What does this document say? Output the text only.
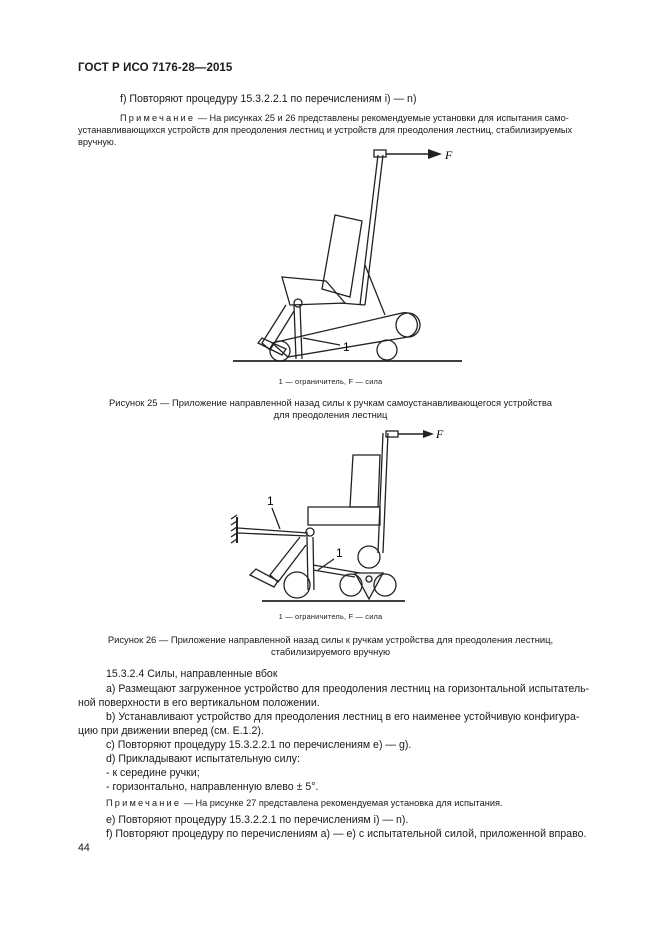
ГОСТ Р ИСО 7176-28—2015
f) Повторяют процедуру 15.3.2.2.1 по перечислениям i) — n)
Примечание — На рисунках 25 и 26 представлены рекомендуемые установки для испытания само-
устанавливающихся устройств для преодоления лестниц и устройств для преодоления лестниц, стабилизируемых
вручную.
F
1
1 — ограничитель, F — сила
Рисунок 25 — Приложение направленной назад силы к ручкам самоустанавливающегося устройства
для преодоления лестниц
F
1
1
1 — ограничитель, F — сила
Рисунок 26 — Приложение направленной назад силы к ручкам устройства для преодоления лестниц,
стабилизируемого вручную
15.3.2.4 Силы, направленные вбок
a) Размещают загруженное устройство для преодоления лестниц на горизонтальной испытатель-
ной поверхности в его вертикальном положении.
b) Устанавливают устройство для преодоления лестниц в его наименее устойчивую конфигура-
цию при движении вперед (см. Е.1.2).
c) Повторяют процедуру 15.3.2.2.1 по перечислениям e) — g).
d) Прикладывают испытательную силу:
- к середине ручки;
- горизонтально, направленную влево ± 5°.
Примечание — На рисунке 27 представлена рекомендуемая установка для испытания.
e) Повторяют процедуру 15.3.2.2.1 по перечислениям i) — n).
f) Повторяют процедуру по перечислениям a) — e) с испытательной силой, приложенной вправо.
44
